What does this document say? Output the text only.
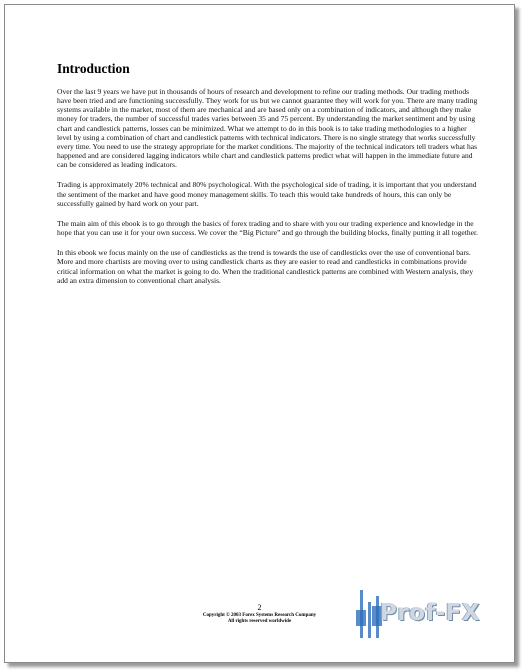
Introduction

Over the last 9 years we have put in thousands of hours of research and development to refine our trading methods. Our trading methods have been tried and are functioning successfully. They work for us but we cannot guarantee they will work for you. There are many trading systems available in the market, most of them are mechanical and are based only on a combination of indicators, and although they make money for traders, the number of successful trades varies between 35 and 75 percent. By understanding the market sentiment and by using chart and candlestick patterns, losses can be minimized. What we attempt to do in this book is to take trading methodologies to a higher level by using a combination of chart and candlestick patterns with technical indicators. There is no single strategy that works successfully every time. You need to use the strategy appropriate for the market conditions. The majority of the technical indicators tell traders what has happened and are considered lagging indicators while chart and candlestick patterns predict what will happen in the immediate future and can be considered as leading indicators.

Trading is approximately 20% technical and 80% psychological. With the psychological side of trading, it is important that you understand the sentiment of the market and have good money management skills. To teach this would take hundreds of hours, this can only be successfully gained by hard work on your part.

The main aim of this ebook is to go through the basics of forex trading and to share with you our trading experience and knowledge in the hope that you can use it for your own success. We cover the “Big Picture” and go through the building blocks, finally putting it all together.

In this ebook we focus mainly on the use of candlesticks as the trend is towards the use of candlesticks over the use of conventional bars. More and more chartists are moving over to using candlestick charts as they are easier to read and candlesticks in combinations provide critical information on what the market is going to do. When the traditional candlestick patterns are combined with Western analysis, they add an extra dimension to conventional chart analysis.

2
Copyright © 2003 Forex Systems Research Company
All rights reserved worldwide	Prof-FX
